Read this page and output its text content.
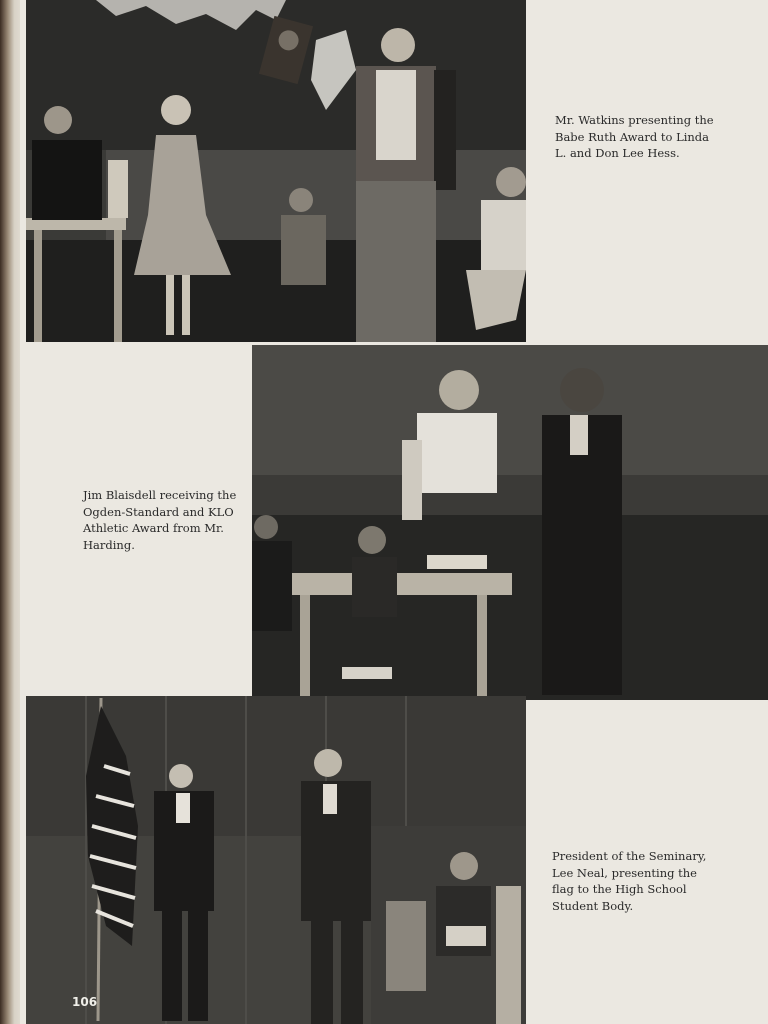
Mr. Watkins presenting the
Babe Ruth Award to Linda
L. and Don Lee Hess.
Jim Blaisdell receiving the
Ogden-Standard and KLO
Athletic Award from Mr.
Harding.
106
President of the Seminary,
Lee Neal, presenting the
flag to the High School
Student Body.
